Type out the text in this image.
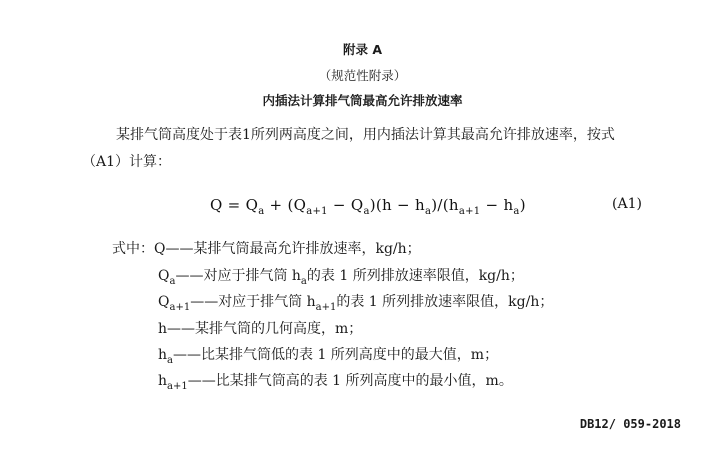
附录 A
（规范性附录）
内插法计算排气筒最高允许排放速率
某排气筒高度处于表1所列两高度之间，用内插法计算其最高允许排放速率，按式（A1）计算：
$Q = Q_a + (Q_{a+1} - Q_a)(h - h_a)/(h_{a+1} - h_a)$	(A1)
式中：Q——某排气筒最高允许排放速率，kg/h；
$Q_a——$对应于排气筒 $h_a$的表 1 所列排放速率限值，kg/h；
$Q_{a+1}——$对应于排气筒 $h_{a+1}$的表 1 所列排放速率限值，kg/h；
h——某排气筒的几何高度，m；
$h_a——$比某排气筒低的表 1 所列高度中的最大值，m；
$h_{a+1}——$比某排气筒高的表 1 所列高度中的最小值，m。
DB12/ 059-2018
